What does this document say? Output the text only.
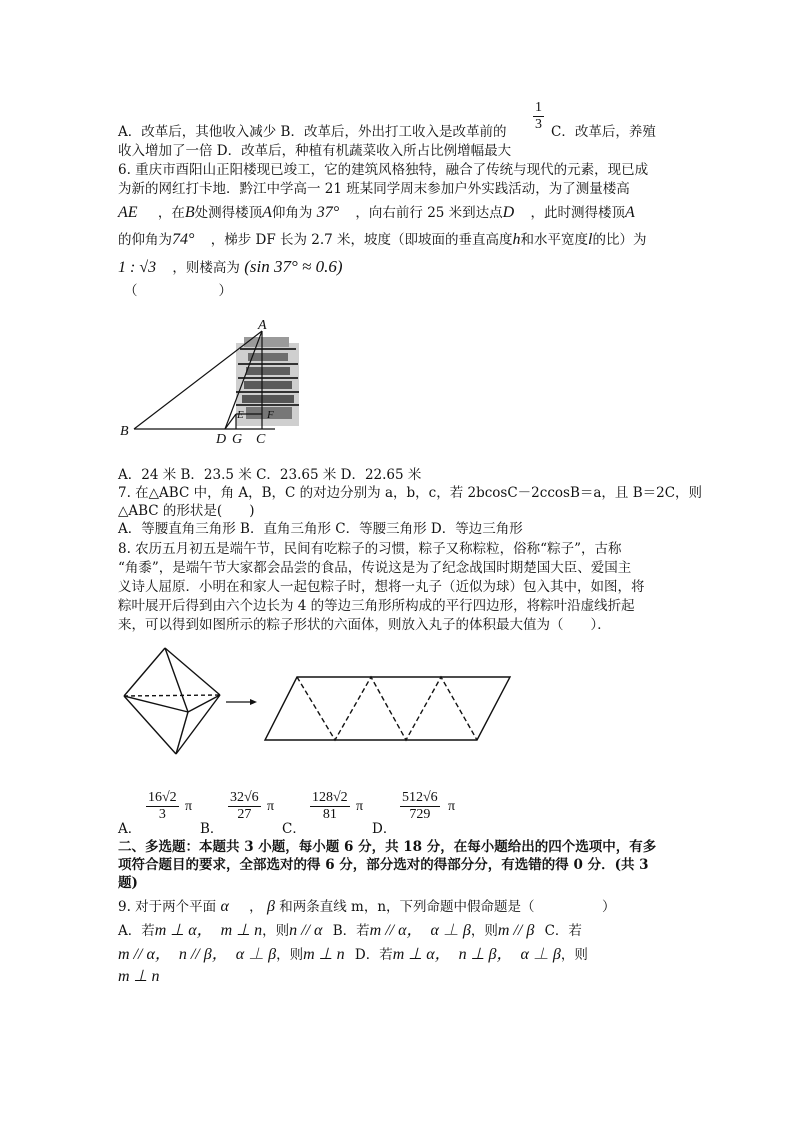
A．改革后，其他收入减少 B．改革后，外出打工收入是改革前的 $\frac{1}{3}$ C．改革后，养殖
收入增加了一倍 D．改革后，种植有机蔬菜收入所占比例增幅最大
6. 重庆市酉阳山正阳楼现已竣工，它的建筑风格独特，融合了传统与现代的元素，现已成
为新的网红打卡地．黔江中学高一 21 班某同学周末参加户外实践活动，为了测量楼高
AE ，在B处测得楼顶A仰角为 37° ，向右前行 25 米到达点D ，此时测得楼顶A
的仰角为74° ，梯步 DF 长为 2.7 米，坡度（即坡面的垂直高度h和水平宽度l的比）为
1 : √3 ，则楼高为 (sin 37° ≈ 0.6)
（　　　　　　）
A
B
D G C
E F
A．24 米 B．23.5 米 C．23.65 米 D．22.65 米
7. 在△ABC 中，角 A，B，C 的对边分别为 a，b，c，若 2bcosC－2ccosB＝a，且 B＝2C，则
△ABC 的形状是(　　)
A．等腰直角三角形 B．直角三角形 C．等腰三角形 D．等边三角形
8. 农历五月初五是端午节，民间有吃粽子的习惯，粽子又称粽粒，俗称“粽子”，古称
“角黍”，是端午节大家都会品尝的食品，传说这是为了纪念战国时期楚国大臣、爱国主
义诗人屈原．小明在和家人一起包粽子时，想将一丸子（近似为球）包入其中，如图，将
粽叶展开后得到由六个边长为 4 的等边三角形所构成的平行四边形，将粽叶沿虚线折起
来，可以得到如图所示的粽子形状的六面体，则放入丸子的体积最大值为（　　）．
A．
$\frac{16√2}{3}$ π
B．
$\frac{32√6}{27}$ π
C．
$\frac{128√2}{81}$ π
D．
$\frac{512√6}{729}$ π
二、多选题：本题共 3 小题，每小题 6 分，共 18 分，在每小题给出的四个选项中，有多
项符合题目的要求，全部选对的得 6 分，部分选对的得部分分，有选错的得 0 分．(共 3
题)
9. 对于两个平面 α ， β 和两条直线 m，n，下列命题中假命题是（　　　　　）
A．若m ⊥ α，　m ⊥ n，则n // α B．若m // α，　α ⊥ β，则m // β C．若
m // α，　n // β，　α ⊥ β，则m ⊥ n D．若m ⊥ α，　n ⊥ β，　α ⊥ β，则
m ⊥ n
